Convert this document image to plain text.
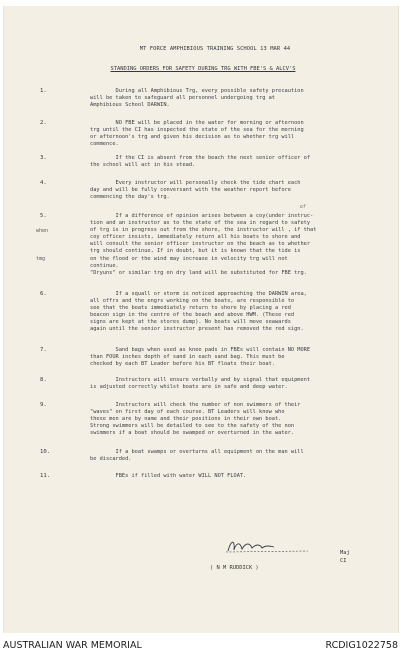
MT FORCE AMPHIBIOUS TRAINING SCHOOL 13 MAR 44
STANDING ORDERS FOR SAFETY DURING TRG WITH FBE'S & ALCV'S
1.	During all Amphibious Trg, every possible safety precaution
will be taken to safeguard all personnel undergoing trg at
Amphibious School DARWIN.
2.	NO FBE will be placed in the water for morning or afternoon
trg until the CI has inspected the state of the sea for the morning
or afternoon's trg and given his decision as to whether trg will
commence.
3.	If the CI is absent from the beach the next senior officer of
the school will act in his stead.
4.	Every instructor will personally check the tide chart each
day and will be fully conversant with the weather report before
commencing the day's trg.
of
5.	If a difference of opinion arises between a coy(under instruc-
tion and an instructor as to the state of the sea in regard to safety
of trg is in progress out from the shore, the instructor will , if that
coy officer insists, immediately return all his boats to shore and
will consult the senior officer instructor on the beach as to whether
trg should continue, If in doubt, but it is known that the tide is
on the flood or the wind may increase in velocity trg will not
continue.
"Dryuns" or similar trg on dry land will be substituted for FBE trg.
when
tmg
6.	If a squall or storm is noticed approaching the DARWIN area,
all offrs and the engrs working on the boats, are responsible to
see that the boats immediately return to shore by placing a red
beacon sign in the centre of the beach and above HWM. (These red
signs are kept at the stores dump). No boats will move seawards
again until the senior instructor present has removed the red sign.
7.	Sand bags when used as knee pads in FBEs will contain NO MORE
than FOUR inches depth of sand in each sand bag. This must be
checked by each BT Leader before his BT floats their boat.
8.	Instructors will ensure verbally and by signal that equipment
is adjusted correctly whilst boats are in safe and deep water.
9.	Instructors will check the number of non swimmers of their
"waves" on first day of each course. BT Leaders will know who
these men are by name and their positions in their own boat.
Strong swimmers will be detailed to see to the safety of the non
swimmers if a boat should be swamped or overturned in the water.
10.	If a boat swamps or overturns all equipment on the man will
be discarded.
11.	FBEs if filled with water WILL NOT FLOAT.
Maj
CI
( N M RUDDICK )
AUSTRALIAN WAR MEMORIAL	RCDIG1022758
